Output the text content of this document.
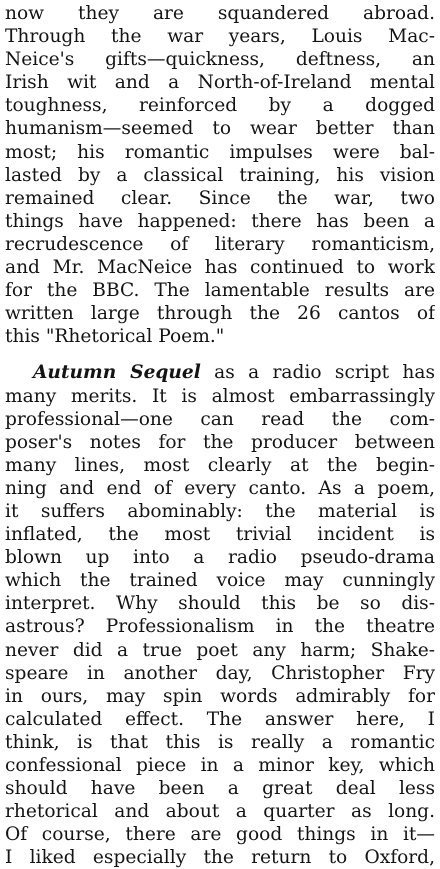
now they are squandered abroad.
Through the war years, Louis Mac-
Neice's gifts—quickness, deftness, an
Irish wit and a North-of-Ireland mental
toughness, reinforced by a dogged
humanism—seemed to wear better than
most; his romantic impulses were bal-
lasted by a classical training, his vision
remained clear. Since the war, two
things have happened: there has been a
recrudescence of literary romanticism,
and Mr. MacNeice has continued to work
for the BBC. The lamentable results are
written large through the 26 cantos of
this "Rhetorical Poem."
Autumn Sequel as a radio script has
many merits. It is almost embarrassingly
professional—one can read the com-
poser's notes for the producer between
many lines, most clearly at the begin-
ning and end of every canto. As a poem,
it suffers abominably: the material is
inflated, the most trivial incident is
blown up into a radio pseudo-drama
which the trained voice may cunningly
interpret. Why should this be so dis-
astrous? Professionalism in the theatre
never did a true poet any harm; Shake-
speare in another day, Christopher Fry
in ours, may spin words admirably for
calculated effect. The answer here, I
think, is that this is really a romantic
confessional piece in a minor key, which
should have been a great deal less
rhetorical and about a quarter as long.
Of course, there are good things in it—
I liked especially the return to Oxford,
